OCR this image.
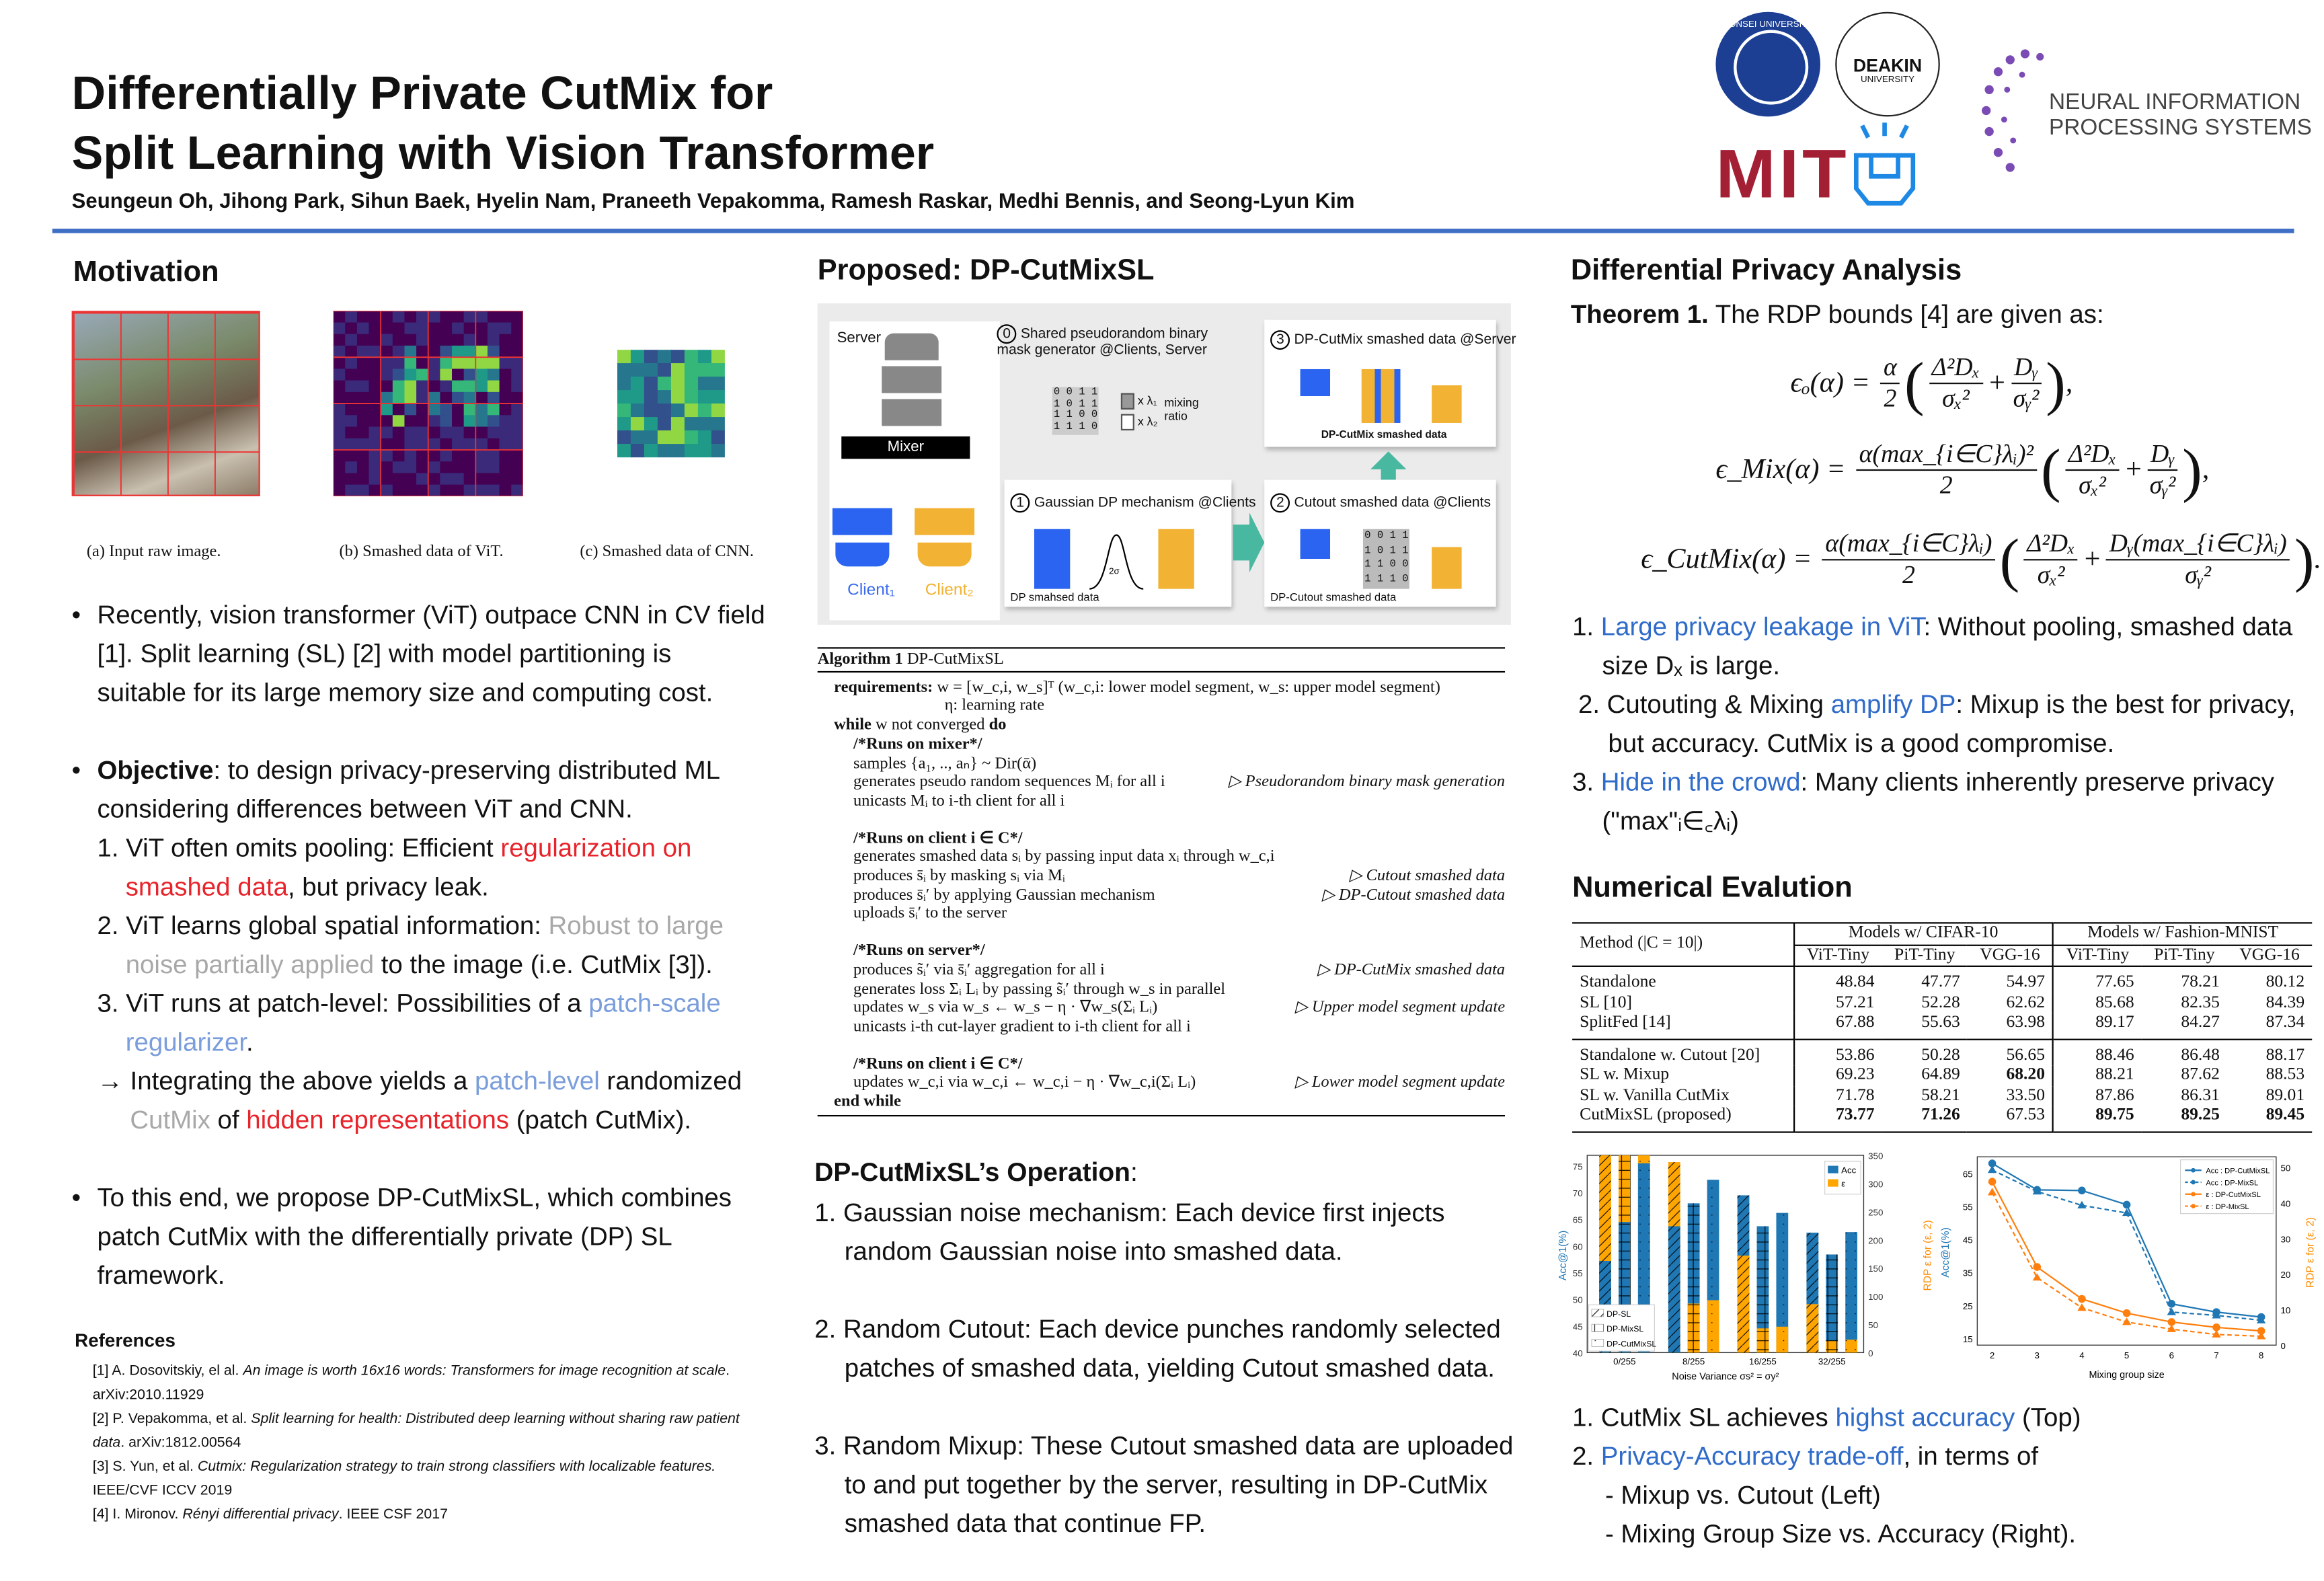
Differentially Private CutMix for
Split Learning with Vision Transformer
Seungeun Oh, Jihong Park, Sihun Baek, Hyelin Nam, Praneeth Vepakomma, Ramesh Raskar, Medhi Bennis, and Seong-Lyun Kim
YONSEI UNIVERSITY
DEAKIN
UNIVERSITY
MIT
NEURAL INFORMATION
PROCESSING SYSTEMS
Motivation
(a) Input raw image.	(b) Smashed data of ViT.	(c) Smashed data of CNN.
•	Recently, vision transformer (ViT) outpace CNN in CV field [1]. Split learning (SL) [2] with model partitioning is suitable for its large memory size and computing cost.
•	Objective: to design privacy-preserving distributed ML considering differences between ViT and CNN.
1. ViT often omits pooling: Efficient regularization on smashed data, but privacy leak.
2. ViT learns global spatial information: Robust to large noise partially applied to the image (i.e. CutMix [3]).
3. ViT runs at patch-level: Possibilities of a patch-scale regularizer.
→ Integrating the above yields a patch-level randomized CutMix of hidden representations (patch CutMix).
•	To this end, we propose DP-CutMixSL, which combines patch CutMix with the differentially private (DP) SL framework.
References
[1] A. Dosovitskiy, el al. An image is worth 16x16 words: Transformers for image recognition at scale. arXiv:2010.11929
[2] P. Vepakomma, et al. Split learning for health: Distributed deep learning without sharing raw patient data. arXiv:1812.00564
[3] S. Yun, et al. Cutmix: Regularization strategy to train strong classifiers with localizable features. IEEE/CVF ICCV 2019
[4] I. Mironov. Rényi differential privacy. IEEE CSF 2017
Proposed: DP-CutMixSL
Server
Mixer
Client₁	Client₂
0 Shared pseudorandom binary mask generator @Clients, Server
0 0 1 1
1 0 1 1
1 1 0 0
1 1 1 0
x λ₁
x λ₂
mixing ratio
3 DP-CutMix smashed data @Server
DP-CutMix smashed data
1 Gaussian DP mechanism @Clients
2σ
DP smahsed data
2 Cutout smashed data @Clients
0 0 1 1
1 0 1 1
1 1 0 0
1 1 1 0
DP-Cutout smashed data
Algorithm 1 DP-CutMixSL
requirements: w = [w_c,i, w_s]ᵀ (w_c,i: lower model segment, w_s: upper model segment)
η: learning rate
while w not converged do
/*Runs on mixer*/
samples {a₁, .., aₙ} ~ Dir(ᾱ)
generates pseudo random sequences Mᵢ for all i	▷ Pseudorandom binary mask generation
unicasts Mᵢ to i-th client for all i
/*Runs on client i ∈ C*/
generates smashed data sᵢ by passing input data xᵢ through w_c,i
produces s̄ᵢ by masking sᵢ via Mᵢ	▷ Cutout smashed data
produces s̄ᵢ′ by applying Gaussian mechanism	▷ DP-Cutout smashed data
uploads s̄ᵢ′ to the server
/*Runs on server*/
produces s̃ᵢ′ via s̄ᵢ′ aggregation for all i	▷ DP-CutMix smashed data
generates loss Σᵢ Lᵢ by passing s̃ᵢ′ through w_s in parallel
updates w_s via w_s ← w_s − η · ∇w_s(Σᵢ Lᵢ)	▷ Upper model segment update
unicasts i-th cut-layer gradient to i-th client for all i
/*Runs on client i ∈ C*/
updates w_c,i via w_c,i ← w_c,i − η · ∇w_c,i(Σᵢ Lᵢ)	▷ Lower model segment update
end while
DP-CutMixSL’s Operation:
1. Gaussian noise mechanism: Each device first injects random Gaussian noise into smashed data.
2. Random Cutout: Each device punches randomly selected patches of smashed data, yielding Cutout smashed data.
3. Random Mixup: These Cutout smashed data are uploaded to and put together by the server, resulting in DP-CutMix smashed data that continue FP.
Differential Privacy Analysis
Theorem 1. The RDP bounds [4] are given as:
$\epsilon_o(\alpha) = \frac{\alpha}{2}$ ( $\frac{\text{Δ²Dₓ}}{\text{σₓ²}} + \frac{\text{Dᵧ}}{\text{σᵧ²}}$ ) ,
ϵ_Mix(α) = $\frac{\text{α(max\_\{i∈C\}λᵢ)²}}{2}$ ( $\frac{\text{Δ²Dₓ}}{\text{σₓ²}} + \frac{\text{Dᵧ}}{\text{σᵧ²}}$ ) ,
ϵ_CutMix(α) = $\frac{\text{α(max\_\{i∈C\}λᵢ)}}{2}$ ( $\frac{\text{Δ²Dₓ}}{\text{σₓ²}} + \frac{\text{Dᵧ(max\_\{i∈C\}λᵢ)}}{\text{σᵧ²}}$ ) .
1. Large privacy leakage in ViT: Without pooling, smashed data size Dₓ is large.
2. Cutouting & Mixing amplify DP: Mixup is the best for privacy, but accuracy. CutMix is a good compromise.
3. Hide in the crowd: Many clients inherently preserve privacy ("max"ᵢ∈꜀λᵢ)
Numerical Evalution
Method (|C = 10|)	Models w/ CIFAR-10			Models w/ Fashion-MNIST		
	ViT-Tiny	PiT-Tiny	VGG-16	ViT-Tiny	PiT-Tiny	VGG-16
Standalone	48.84	47.77	54.97	77.65	78.21	80.12
SL [10]	57.21	52.28	62.62	85.68	82.35	84.39
SplitFed [14]	67.88	55.63	63.98	89.17	84.27	87.34
Standalone w. Cutout [20]	53.86	50.28	56.65	88.46	86.48	88.17
SL w. Mixup	69.23	64.89	68.20	88.21	87.62	88.53
SL w. Vanilla CutMix	71.78	58.21	33.50	87.86	86.31	89.01
CutMixSL (proposed)	73.77	71.26	67.53	89.75	89.25	89.45
40
45
50
55
60
65
70
75
0
50
100
150
200
250
300
350
Acc@1(%)	RDP ε for (ε, 2)
0/255	8/255	16/255	32/255
Noise Variance σs² = σy²
Acc
ε
DP-SL
DP-MixSL
DP-CutMixSL	15
25
35
45
55
65
0
10
20
30
40
50
2	3	4	5	6	7	8
Mixing group size
Acc@1(%)	RDP ε for (ε, 2)
Acc : DP-CutMixSL
Acc : DP-MixSL
ε : DP-CutMixSL
ε : DP-MixSL
1. CutMix SL achieves highst accuracy (Top)
2. Privacy-Accuracy trade-off, in terms of
- Mixup vs. Cutout (Left)
- Mixing Group Size vs. Accuracy (Right).
